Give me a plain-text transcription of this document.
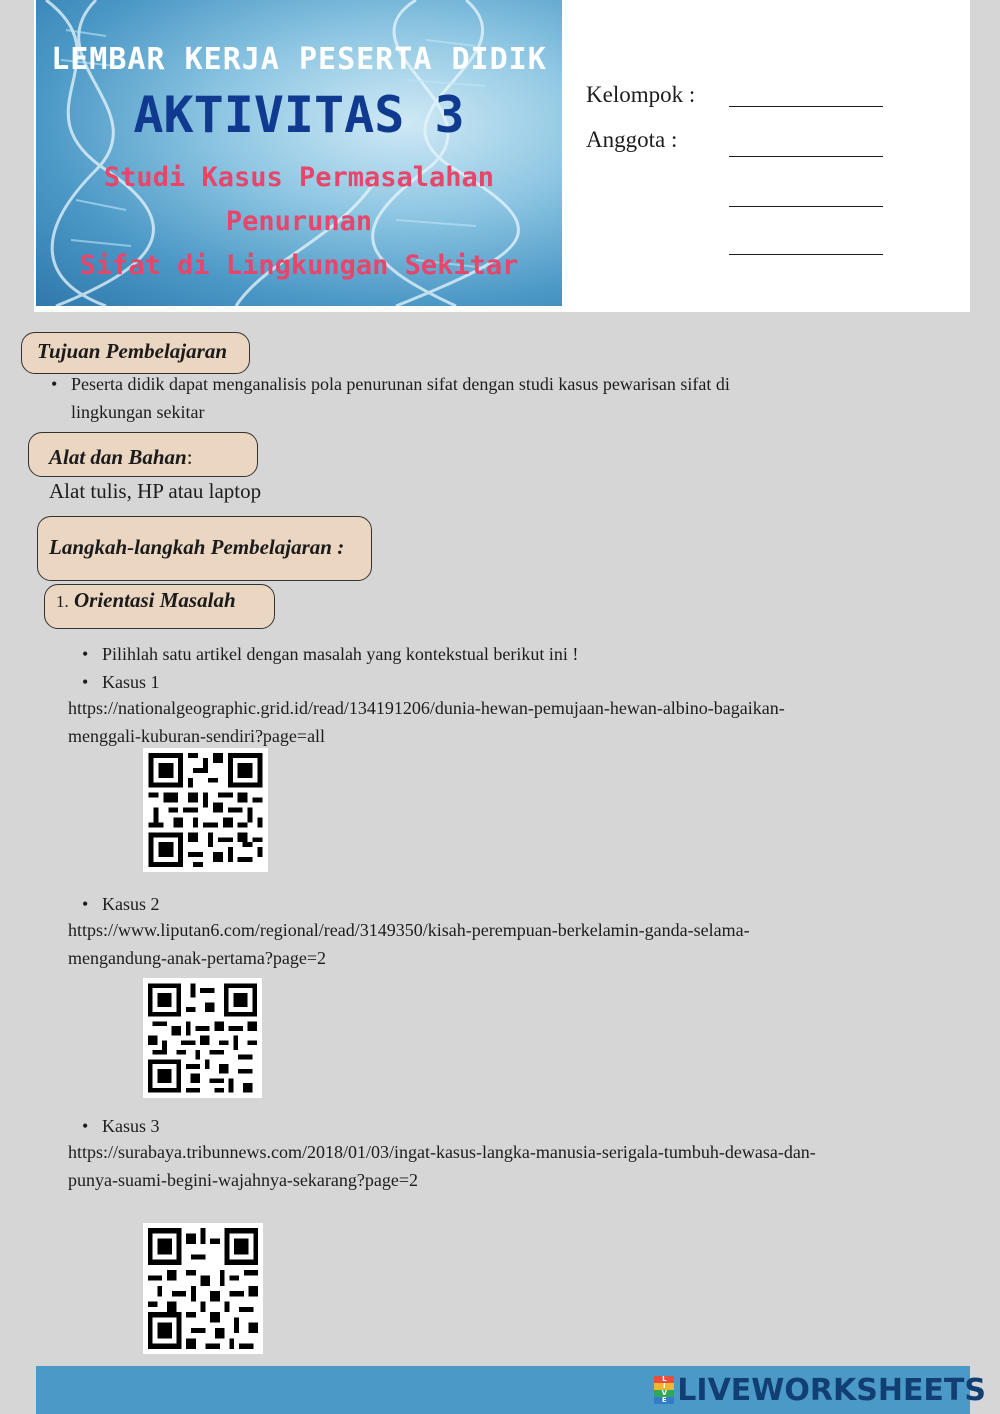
LEMBAR KERJA PESERTA DIDIK
AKTIVITAS 3
Studi Kasus Permasalahan Penurunan
Sifat di Lingkungan Sekitar
Kelompok :
Anggota :
Tujuan Pembelajaran
• Peserta didik dapat menganalisis pola penurunan sifat dengan studi kasus pewarisan sifat di
lingkungan sekitar
Alat dan Bahan:
Alat tulis, HP atau laptop
Langkah-langkah Pembelajaran :
1. Orientasi Masalah
• Pilihlah satu artikel dengan masalah yang kontekstual berikut ini !
• Kasus 1
https://nationalgeographic.grid.id/read/134191206/dunia-hewan-pemujaan-hewan-albino-bagaikan-
menggali-kuburan-sendiri?page=all
• Kasus 2
https://www.liputan6.com/regional/read/3149350/kisah-perempuan-berkelamin-ganda-selama-
mengandung-anak-pertama?page=2
• Kasus 3
https://surabaya.tribunnews.com/2018/01/03/ingat-kasus-langka-manusia-serigala-tumbuh-dewasa-dan-
punya-suami-begini-wajahnya-sekarang?page=2
L
I
V
E LIVEWORKSHEETS
